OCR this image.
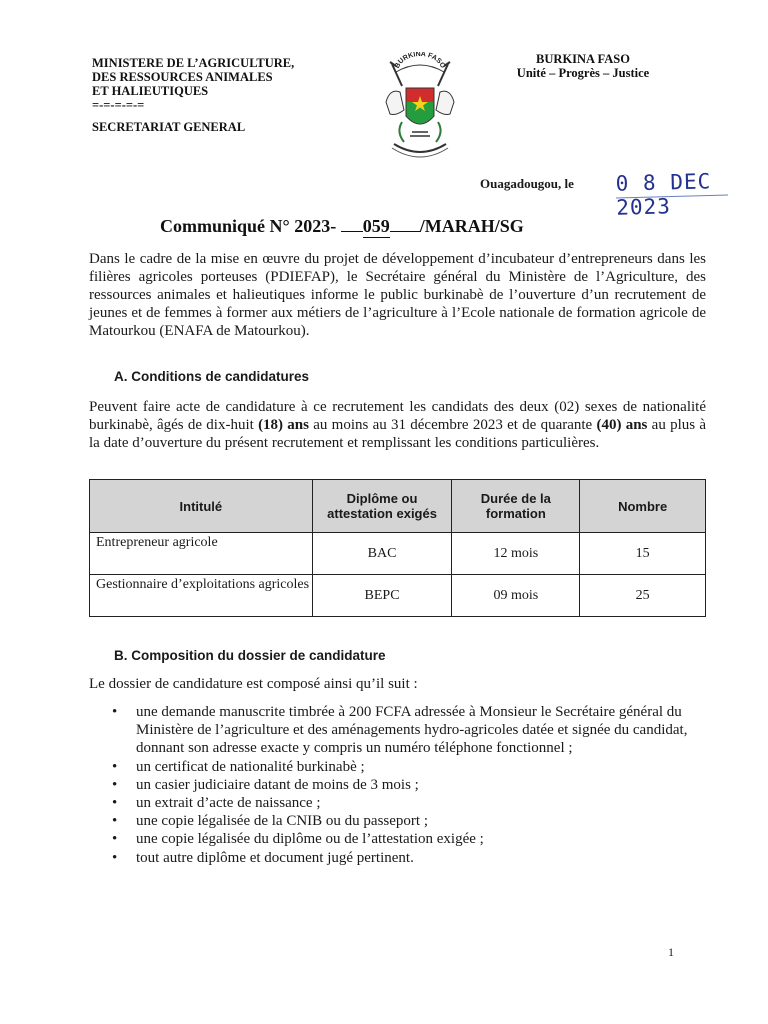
MINISTERE DE L’AGRICULTURE,
DES RESSOURCES ANIMALES
ET HALIEUTIQUES
=-=-=-=-=
SECRETARIAT GENERAL
BURKINA FASO	BURKINA FASO
Unité – Progrès – Justice
Ouagadougou, le 0 8 DEC 2023
Communiqué N° 2023- 059 /MARAH/SG
Dans le cadre de la mise en œuvre du projet de développement d’incubateur d’entrepreneurs dans les filières agricoles porteuses (PDIEFAP), le Secrétaire général du Ministère de l’Agriculture, des ressources animales et halieutiques informe le public burkinabè de l’ouverture d’un recrutement de jeunes et de femmes à former aux métiers de l’agriculture à l’Ecole nationale de formation agricole de Matourkou (ENAFA de Matourkou).
A. Conditions de candidatures
Peuvent faire acte de candidature à ce recrutement les candidats des deux (02) sexes de nationalité burkinabè, âgés de dix-huit (18) ans au moins au 31 décembre 2023 et de quarante (40) ans au plus à la date d’ouverture du présent recrutement et remplissant les conditions particulières.
Intitulé	Diplôme ou attestation exigés	Durée de la formation	Nombre
Entrepreneur agricole	BAC	12 mois	15
Gestionnaire d’exploitations agricoles	BEPC	09 mois	25
B. Composition du dossier de candidature
Le dossier de candidature est composé ainsi qu’il suit :
• une demande manuscrite timbrée à 200 FCFA adressée à Monsieur le Secrétaire général du Ministère de l’agriculture et des aménagements hydro-agricoles datée et signée du candidat, donnant son adresse exacte y compris un numéro téléphone fonctionnel ;
• un certificat de nationalité burkinabè ;
• un casier judiciaire datant de moins de 3 mois ;
• un extrait d’acte de naissance ;
• une copie légalisée de la CNIB ou du passeport ;
• une copie légalisée du diplôme ou de l’attestation exigée ;
• tout autre diplôme et document jugé pertinent.
1
